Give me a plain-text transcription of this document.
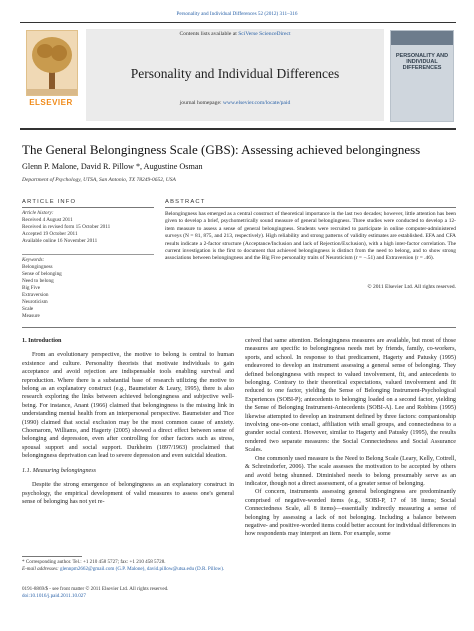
Personality and Individual Differences 52 (2012) 311–316
ELSEVIER
Contents lists available at SciVerse ScienceDirect
Personality and Individual Differences
journal homepage: www.elsevier.com/locate/paid
PERSONALITY AND INDIVIDUAL DIFFERENCES
The General Belongingness Scale (GBS): Assessing achieved belongingness
Glenn P. Malone, David R. Pillow *, Augustine Osman
Department of Psychology, UTSA, San Antonio, TX 78249-0652, USA
ARTICLE INFO
Article history:
Received 4 August 2011
Received in revised form 15 October 2011
Accepted 19 October 2011
Available online 16 November 2011
Keywords:
Belongingness
Sense of belonging
Need to belong
Big Five
Extraversion
Neuroticism
Scale
Measure
ABSTRACT
Belongingness has emerged as a central construct of theoretical importance in the last two decades; however, little attention has been given to develop a brief, psychometrically sound measure of general belongingness. Three studies were conducted to develop a 12-item measure to assess a sense of general belongingness. Students were recruited to participate in online computer-administered surveys (N = 81, 875, and 213, respectively). High reliability and strong patterns of validity estimates are established. EFA and CFA results indicate a 2-factor structure (Acceptance/Inclusion and lack of Rejection/Exclusion), with a high inter-factor correlation. The current investigation is the first to document that achieved belongingness is distinct from the need to belong, and to show strong associations between belongingness and the Big Five personality traits of Neuroticism (r = −.51) and Extraversion (r = .46).
© 2011 Elsevier Ltd. All rights reserved.

1. Introduction

From an evolutionary perspective, the motive to belong is central to human existence and culture. Personality theorists that motivate individuals to gain acceptance and avoid rejection are indispensable tools enabling survival and reproduction. Where there is a substantial base of research utilizing the motive to belong as an explanatory construct (e.g., Baumeister & Leary, 1995), there is also research exploring the links between achieved belongingness and subjective well-being. For instance, Anant (1966) claimed that belongingness is the missing link in understanding mental health from an interpersonal perspective. Baumeister and Tice (1990) claimed that social exclusion may be the most common cause of anxiety. Choenarom, Williams, and Hagerty (2005) showed a direct effect between sense of belonging and depression, even after controlling for other factors such as stress, spousal support and social support. Durkheim (1897/1963) proclaimed that belongingness deprivation can lead to severe depression and even suicidal ideation.

1.1. Measuring belongingness

Despite the strong emergence of belongingness as an explanatory construct in psychology, the empirical development of valid measures to assess one's general sense of belonging has not yet re-

* Corresponding author. Tel.: +1 210 458 5727; fax: +1 210 458 5728.
E-mail addresses: glennpm2662@gmail.com (G.P. Malone), david.pillow@utsa.edu (D.R. Pillow).
0191-8869/$ - see front matter © 2011 Elsevier Ltd. All rights reserved.
doi:10.1016/j.paid.2011.10.027

ceived that same attention. Belongingness measures are available, but most of those measures are specific to belongingness needs met by friends, family, co-workers, sports, and school. In response to that predicament, Hagerty and Patusky (1995) endeavored to develop an instrument assessing a general sense of belonging. They defined belongingness with respect to valued involvement, fit, and antecedents to belonging. Contrary to their theoretical expectations, valued involvement and fit reduced to one factor, yielding the Sense of Belonging Instrument-Psychological Experiences (SOBI-P); antecedents to belonging loaded on a second factor, yielding the Sense of Belonging Instrument-Antecedents (SOBI-A). Lee and Robbins (1995) likewise attempted to develop an instrument defined by three factors: companionship involving one-on-one contact, affiliation with small groups, and connectedness to a grander social context. However, similar to Hagerty and Patusky (1995), the results rendered two separate measures: the Social Connectedness and Social Assurance Scales.

One commonly used measure is the Need to Belong Scale (Leary, Kelly, Cottrell, & Schreindorfer, 2006). The scale assesses the motivation to be accepted by others and avoid being shunned. Diminished needs to belong presumably serve as an indicator, though not a direct assessment, of a greater sense of belonging.

Of concern, instruments assessing general belongingness are predominantly comprised of negative-worded items (e.g., SOBI-P, 17 of 18 items; Social Connectedness Scale, all 8 items)—essentially indirectly measuring a sense of belonging by assessing a lack of not belonging. Including a balance between negative- and positive-worded items could better account for individual differences in how respondents may interpret an item. For example, some
